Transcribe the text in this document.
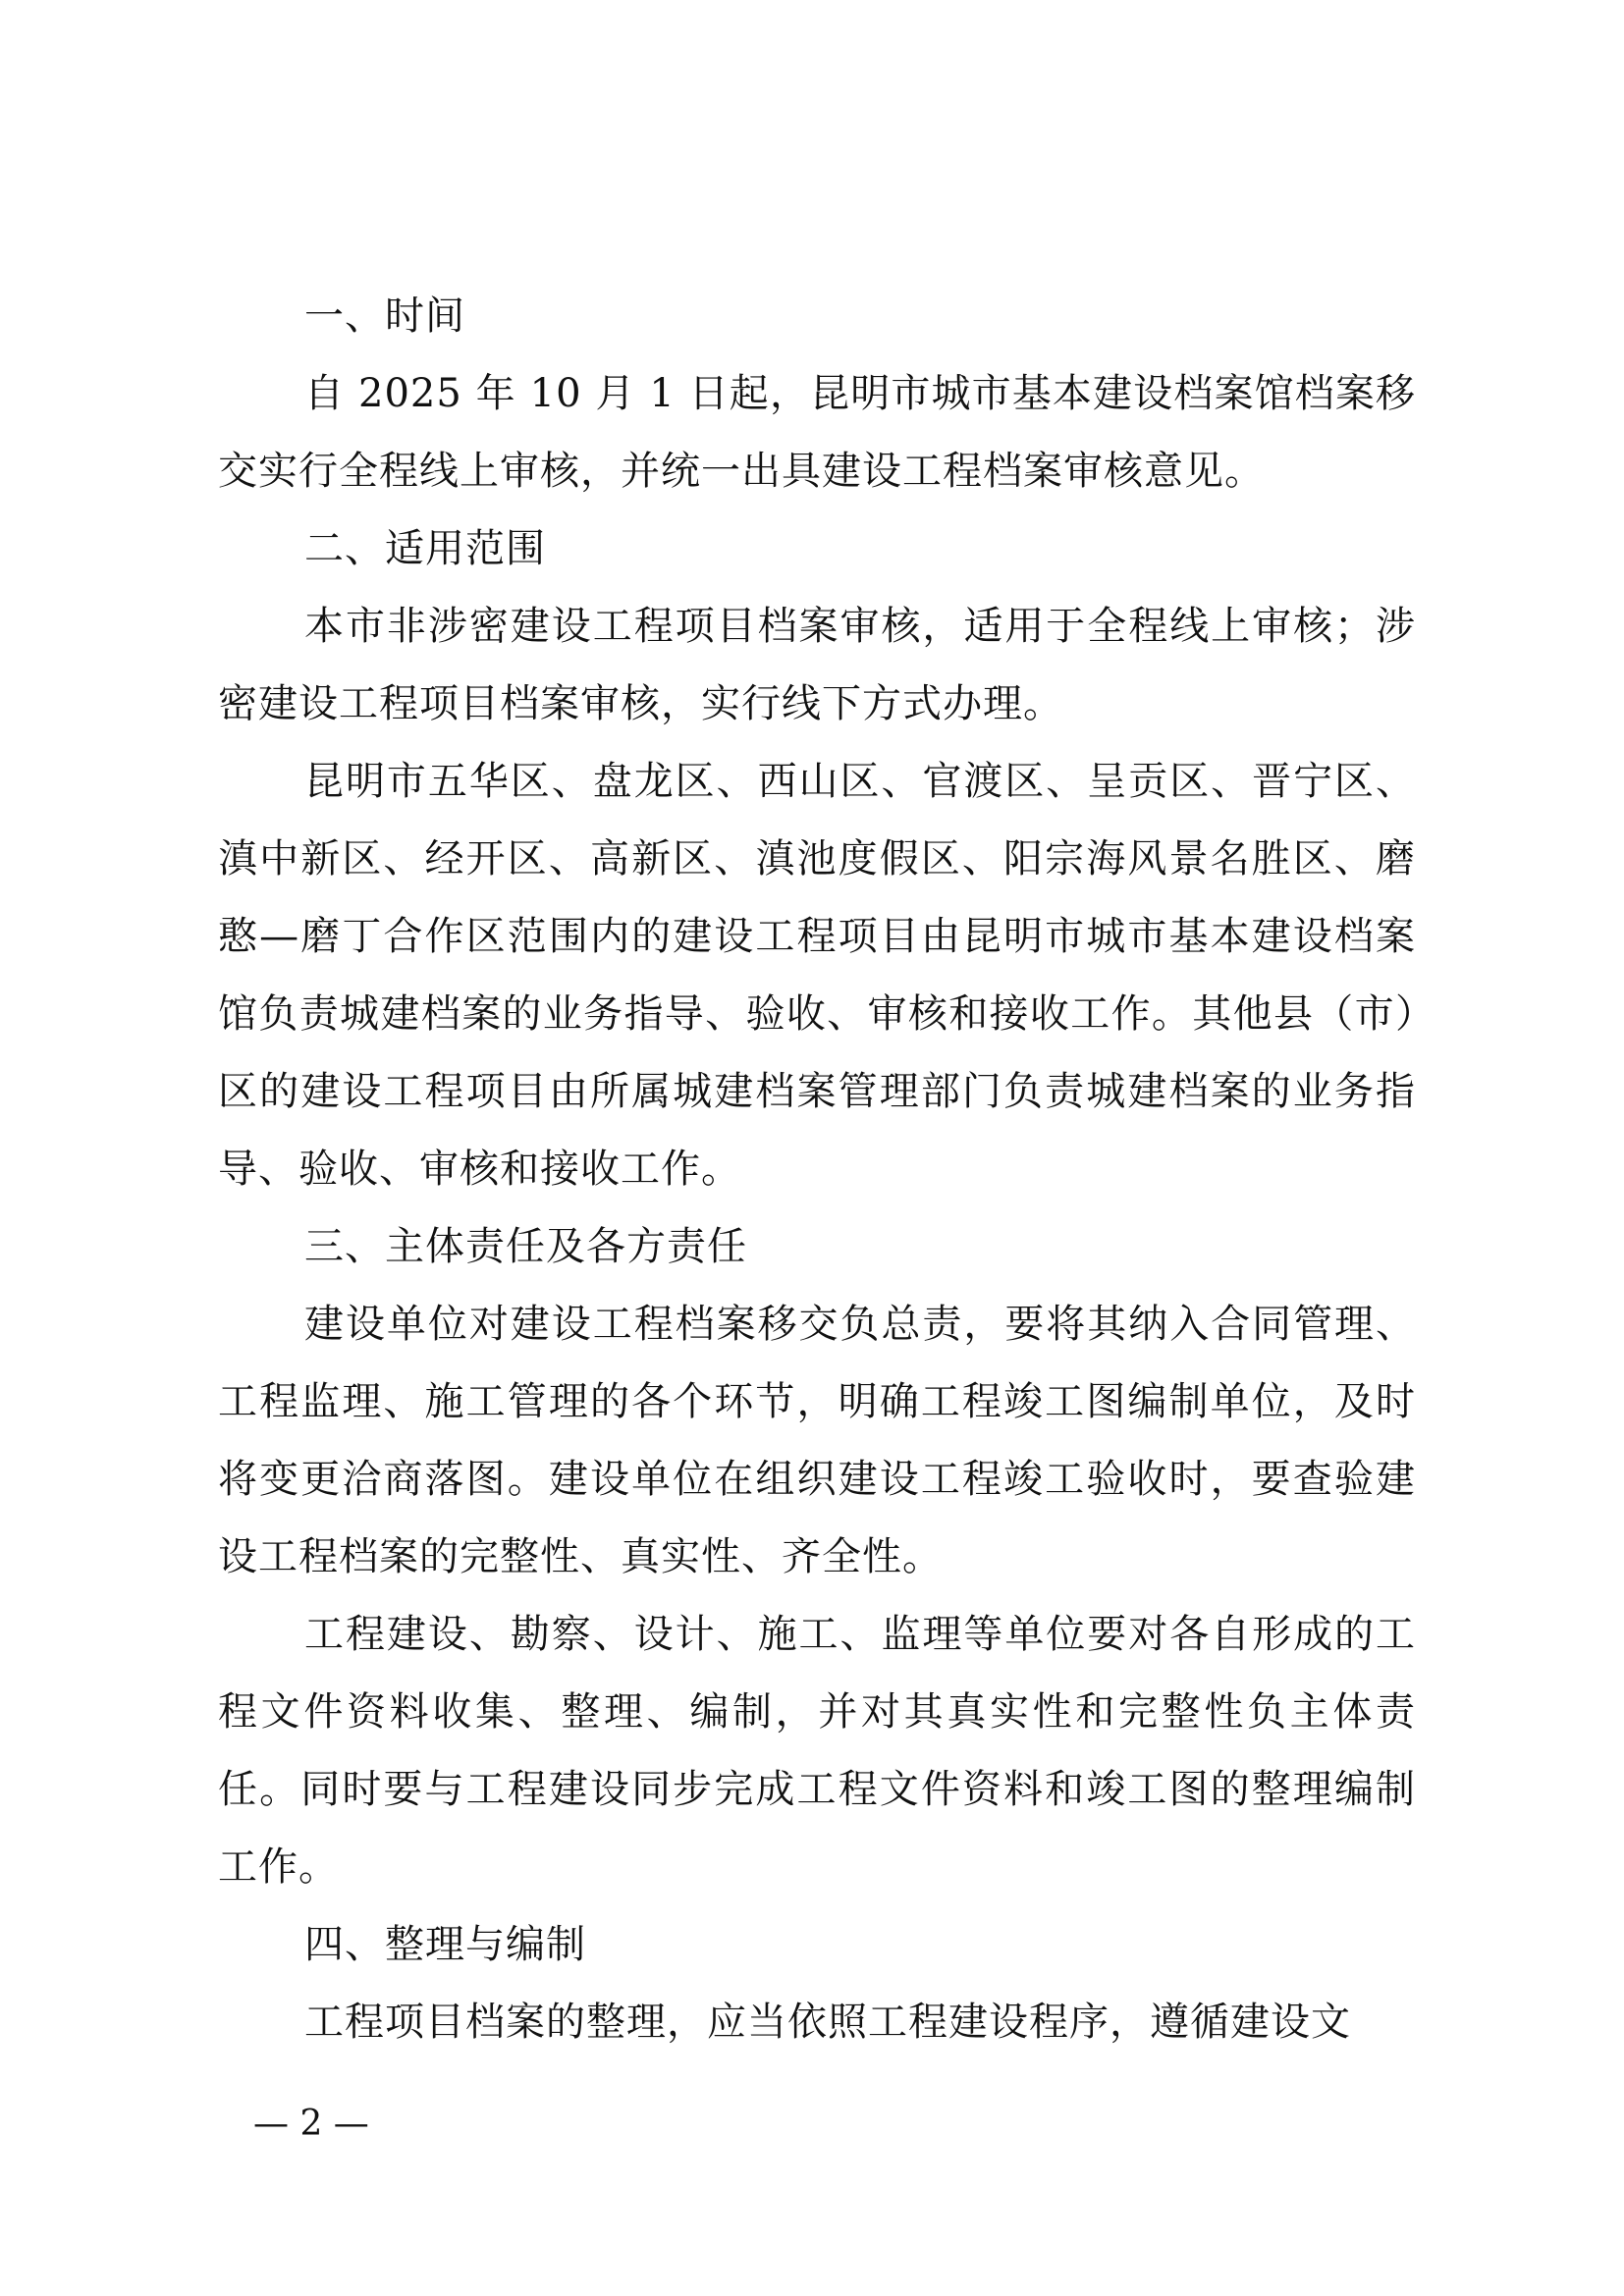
一、时间

自 2025 年 10 月 1 日起，昆明市城市基本建设档案馆档案移交实行全程线上审核，并统一出具建设工程档案审核意见。

二、适用范围

本市非涉密建设工程项目档案审核，适用于全程线上审核；涉密建设工程项目档案审核，实行线下方式办理。

昆明市五华区、盘龙区、西山区、官渡区、呈贡区、晋宁区、滇中新区、经开区、高新区、滇池度假区、阳宗海风景名胜区、磨憨—磨丁合作区范围内的建设工程项目由昆明市城市基本建设档案馆负责城建档案的业务指导、验收、审核和接收工作。其他县（市）区的建设工程项目由所属城建档案管理部门负责城建档案的业务指导、验收、审核和接收工作。

三、主体责任及各方责任

建设单位对建设工程档案移交负总责，要将其纳入合同管理、工程监理、施工管理的各个环节，明确工程竣工图编制单位，及时将变更洽商落图。建设单位在组织建设工程竣工验收时，要查验建设工程档案的完整性、真实性、齐全性。

工程建设、勘察、设计、施工、监理等单位要对各自形成的工程文件资料收集、整理、编制，并对其真实性和完整性负主体责任。同时要与工程建设同步完成工程文件资料和竣工图的整理编制工作。

四、整理与编制

工程项目档案的整理，应当依照工程建设程序，遵循建设文

— 2 —
